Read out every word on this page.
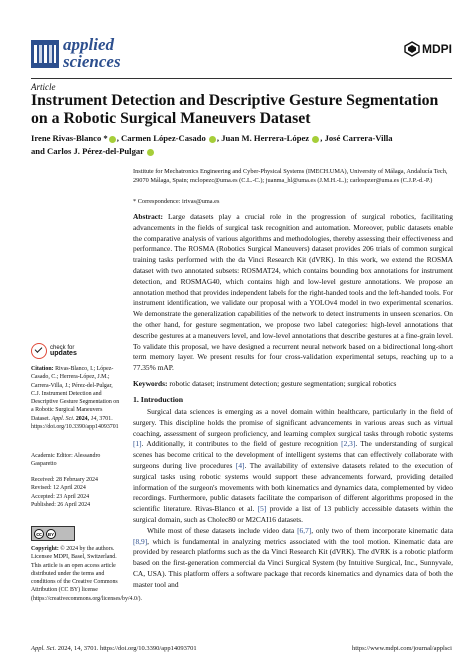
applied
sciences
MDPI
Article
Instrument Detection and Descriptive Gesture Segmentation on a Robotic Surgical Maneuvers Dataset
Irene Rivas-Blanco * , Carmen López-Casado , Juan M. Herrera-López , José Carrera-Villa
and Carlos J. Pérez-del-Pulgar
Institute for Mechatronics Engineering and Cyber-Physical Systems (IMECH.UMA), University of Málaga, Andalucía Tech, 29070 Málaga, Spain; mclopezc@uma.es (C.L.-C.); juanma_hl@uma.es (J.M.H.-L.); carlospzer@uma.es (C.J.P.-d.-P.)
* Correspondence: irivas@uma.es
Abstract: Large datasets play a crucial role in the progression of surgical robotics, facilitating advancements in the fields of surgical task recognition and automation. Moreover, public datasets enable the comparative analysis of various algorithms and methodologies, thereby assessing their effectiveness and performance. The ROSMA (Robotics Surgical Maneuvers) dataset provides 206 trials of common surgical training tasks performed with the da Vinci Research Kit (dVRK). In this work, we extend the ROSMA dataset with two annotated subsets: ROSMAT24, which contains bounding box annotations for instrument detection, and ROSMAG40, which contains high and low-level gesture annotations. We propose an annotation method that provides independent labels for the right-handed tools and the left-handed tools. For instrument identification, we validate our proposal with a YOLOv4 model in two experimental scenarios. We demonstrate the generalization capabilities of the network to detect instruments in unseen scenarios. On the other hand, for gesture segmentation, we propose two label categories: high-level annotations that describe gestures at a maneuvers level, and low-level annotations that describe gestures at a fine-grain level. To validate this proposal, we have designed a recurrent neural network based on a bidirectional long-short term memory layer. We present results for four cross-validation experimental setups, reaching up to a 77.35% mAP.
Keywords: robotic dataset; instrument detection; gesture segmentation; surgical robotics
1. Introduction
Surgical data sciences is emerging as a novel domain within healthcare, particularly in the field of surgery. This discipline holds the promise of significant advancements in various areas such as virtual coaching, assessment of surgeon proficiency, and learning complex surgical tasks through robotic systems [1]. Additionally, it contributes to the field of gesture recognition [2,3]. The understanding of surgical scenes has become critical to the development of intelligent systems that can effectively collaborate with surgeons during live procedures [4]. The availability of extensive datasets related to the execution of surgical tasks using robotic systems would support these advancements forward, providing detailed information of the surgeon's movements with both kinematics and dynamics data, complemented by video recordings. Furthermore, public datasets facilitate the comparison of different algorithms proposed in the scientific literature. Rivas-Blanco et al. [5] provide a list of 13 publicly accessible datasets within the surgical domain, such as Cholec80 or M2CAI16 datasets.
While most of these datasets include video data [6,7], only two of them incorporate kinematic data [8,9], which is fundamental in analyzing metrics associated with the tool motion. Kinematic data are provided by research platforms such as the da Vinci Research Kit (dVRK). The dVRK is a robotic platform based on the first-generation commercial da Vinci Surgical System (by Intuitive Surgical, Inc., Sunnyvale, CA, USA). This platform offers a software package that records kinematics and dynamics data of both the master tool and
check for
updates
Citation: Rivas-Blanco, I.; López-Casado, C.; Herrera-López, J.M.; Carrera-Villa, J.; Pérez-del-Pulgar, C.J. Instrument Detection and Descriptive Gesture Segmentation on a Robotic Surgical Maneuvers Dataset. Appl. Sci. 2024, 14, 3701. https://doi.org/10.3390/app14093701
Academic Editor: Alessandro Gasparetto
Received: 28 February 2024
Revised: 12 April 2024
Accepted: 23 April 2024
Published: 26 April 2024
cc	BY
Copyright: © 2024 by the authors. Licensee MDPI, Basel, Switzerland. This article is an open access article distributed under the terms and conditions of the Creative Commons Attribution (CC BY) license (https://creativecommons.org/licenses/by/4.0/).
Appl. Sci. 2024, 14, 3701. https://doi.org/10.3390/app14093701	https://www.mdpi.com/journal/applsci
